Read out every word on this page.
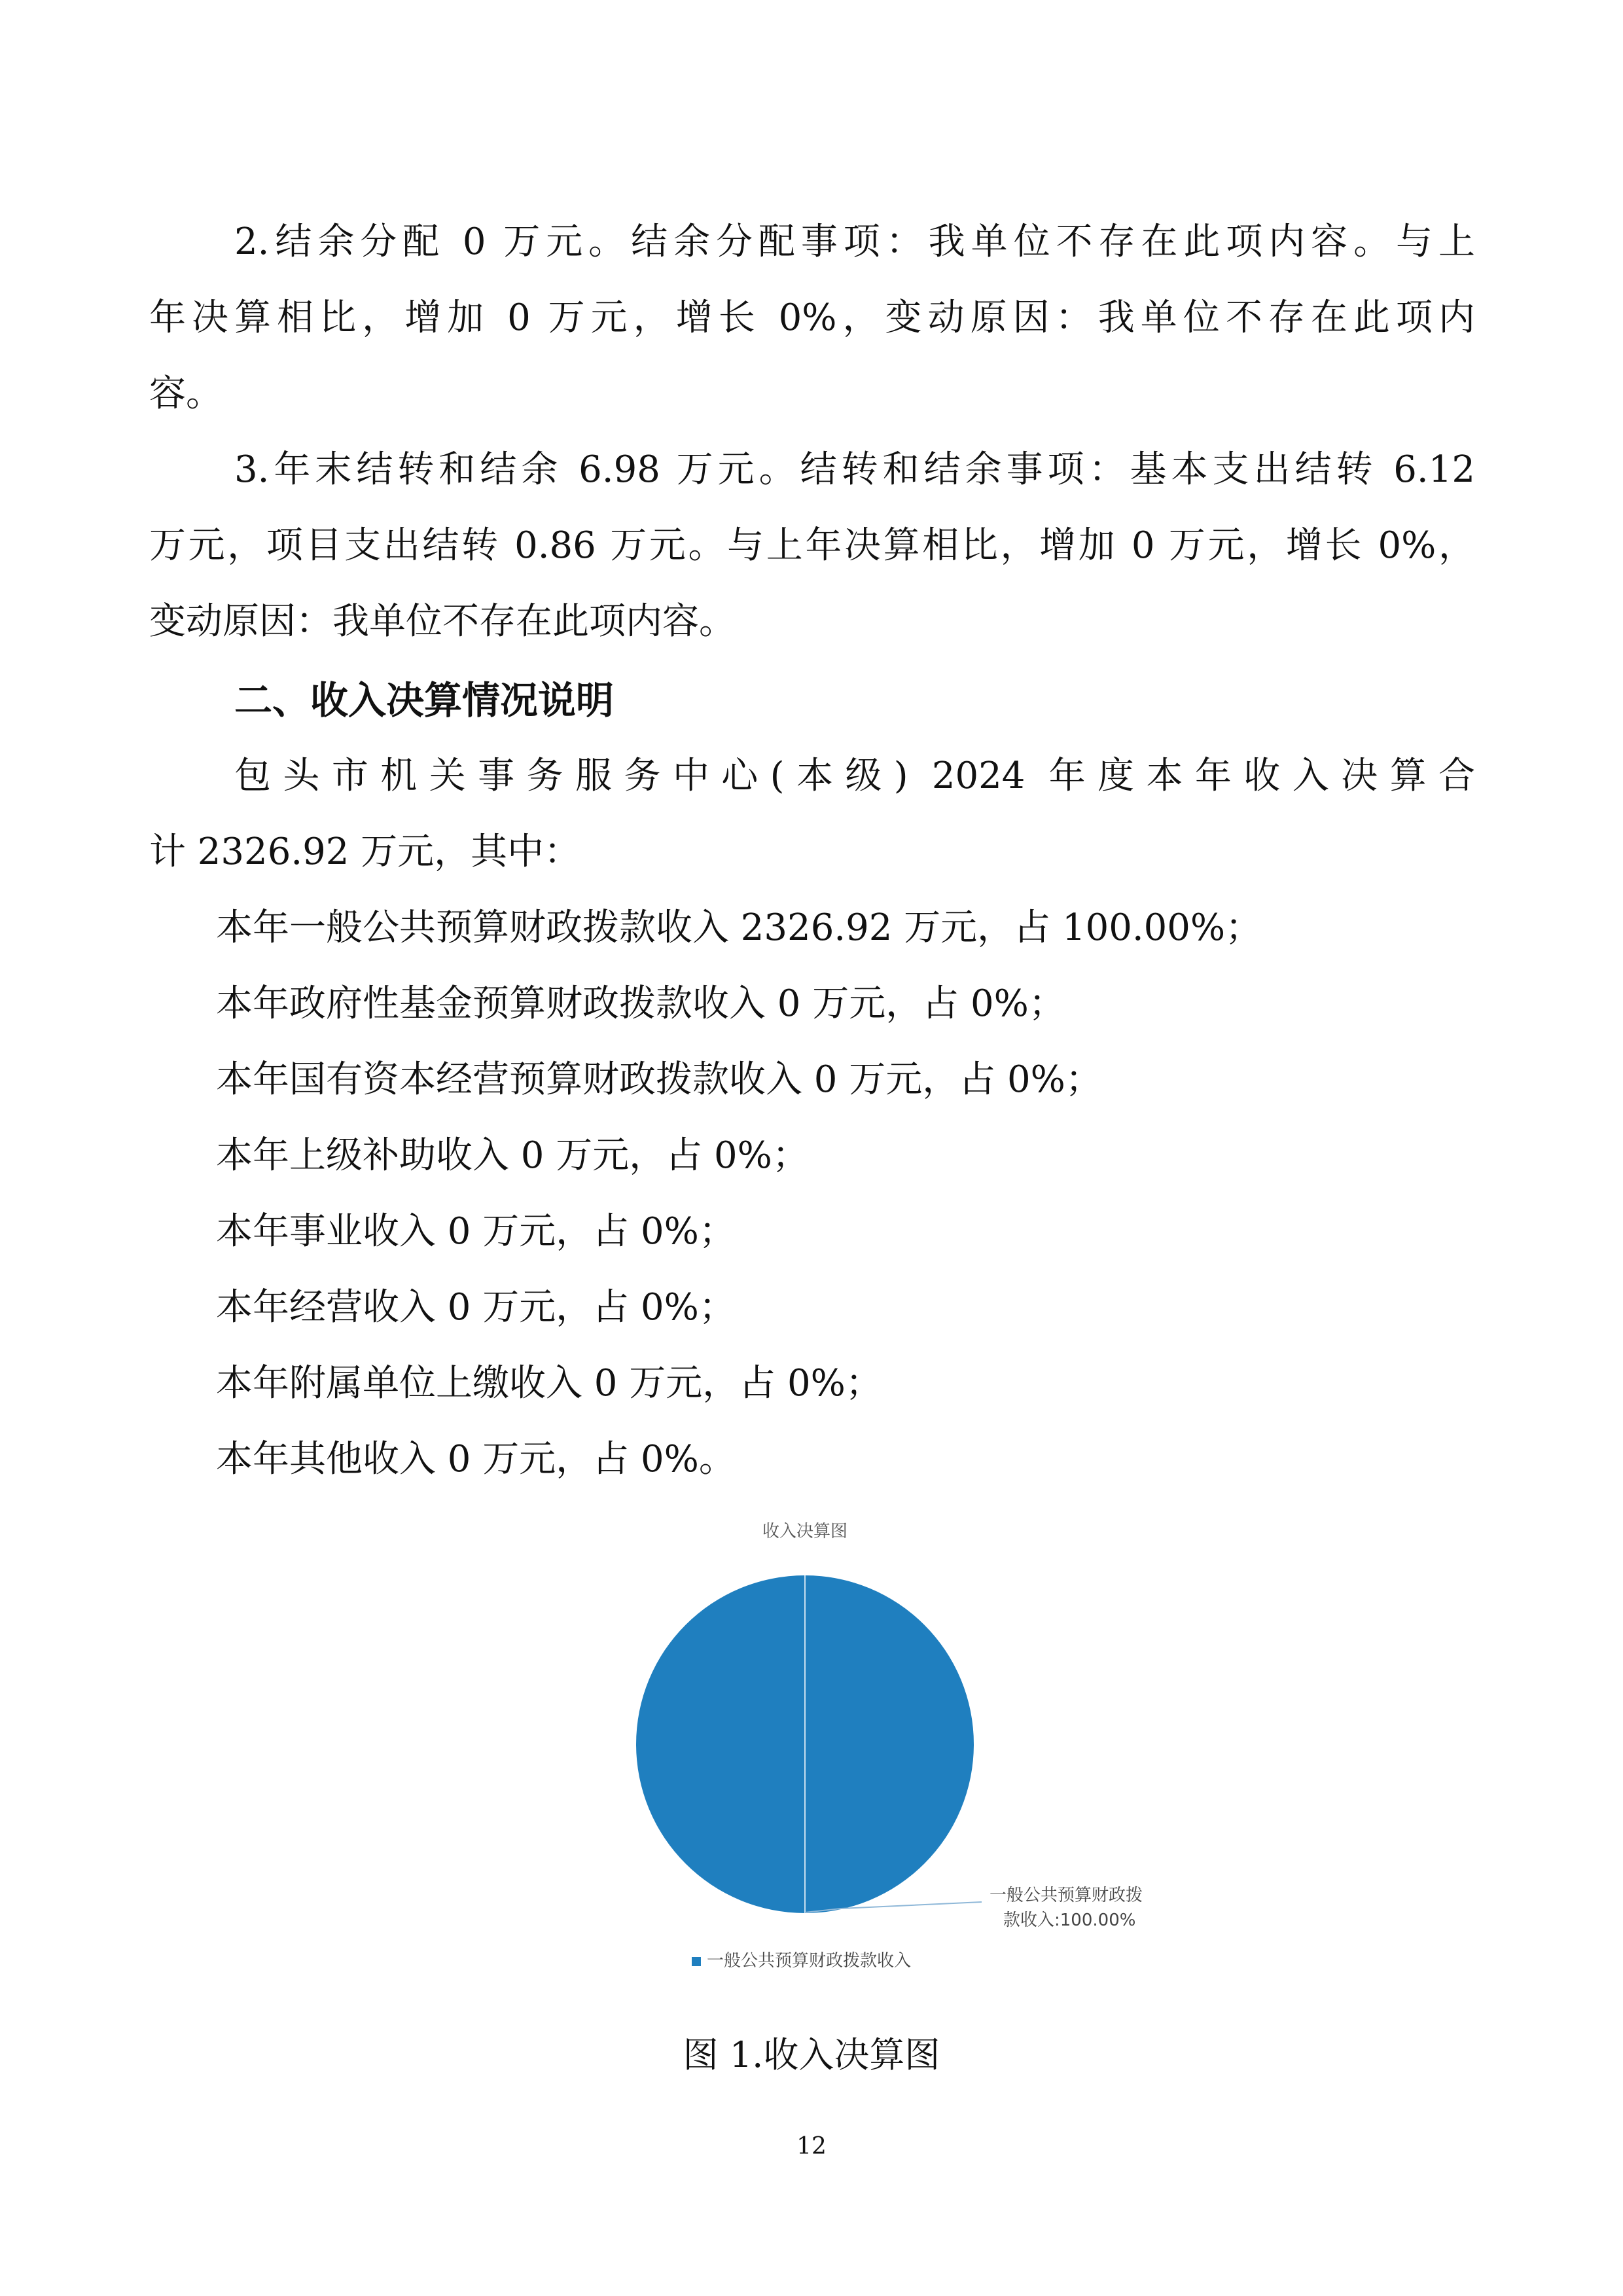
2.结余分配 0 万元。结余分配事项：我单位不存在此项内容。与上

年决算相比，增加 0 万元，增长 0%，变动原因：我单位不存在此项内

容。

3.年末结转和结余 6.98 万元。结转和结余事项：基本支出结转 6.12

万元，项目支出结转 0.86 万元。与上年决算相比，增加 0 万元，增长 0%，

变动原因：我单位不存在此项内容。

二、收入决算情况说明

包头市机关事务服务中心(本级) 2024 年度本年收入决算合

计 2326.92 万元，其中：

本年一般公共预算财政拨款收入 2326.92 万元，占 100.00%；

本年政府性基金预算财政拨款收入 0 万元，占 0%；

本年国有资本经营预算财政拨款收入 0 万元，占 0%；

本年上级补助收入 0 万元，占 0%；

本年事业收入 0 万元，占 0%；

本年经营收入 0 万元，占 0%；

本年附属单位上缴收入 0 万元，占 0%；

本年其他收入 0 万元，占 0%。

收入决算图
一般公共预算财政拨
款收入:100.00%
一般公共预算财政拨款收入

图 1.收入决算图

12
